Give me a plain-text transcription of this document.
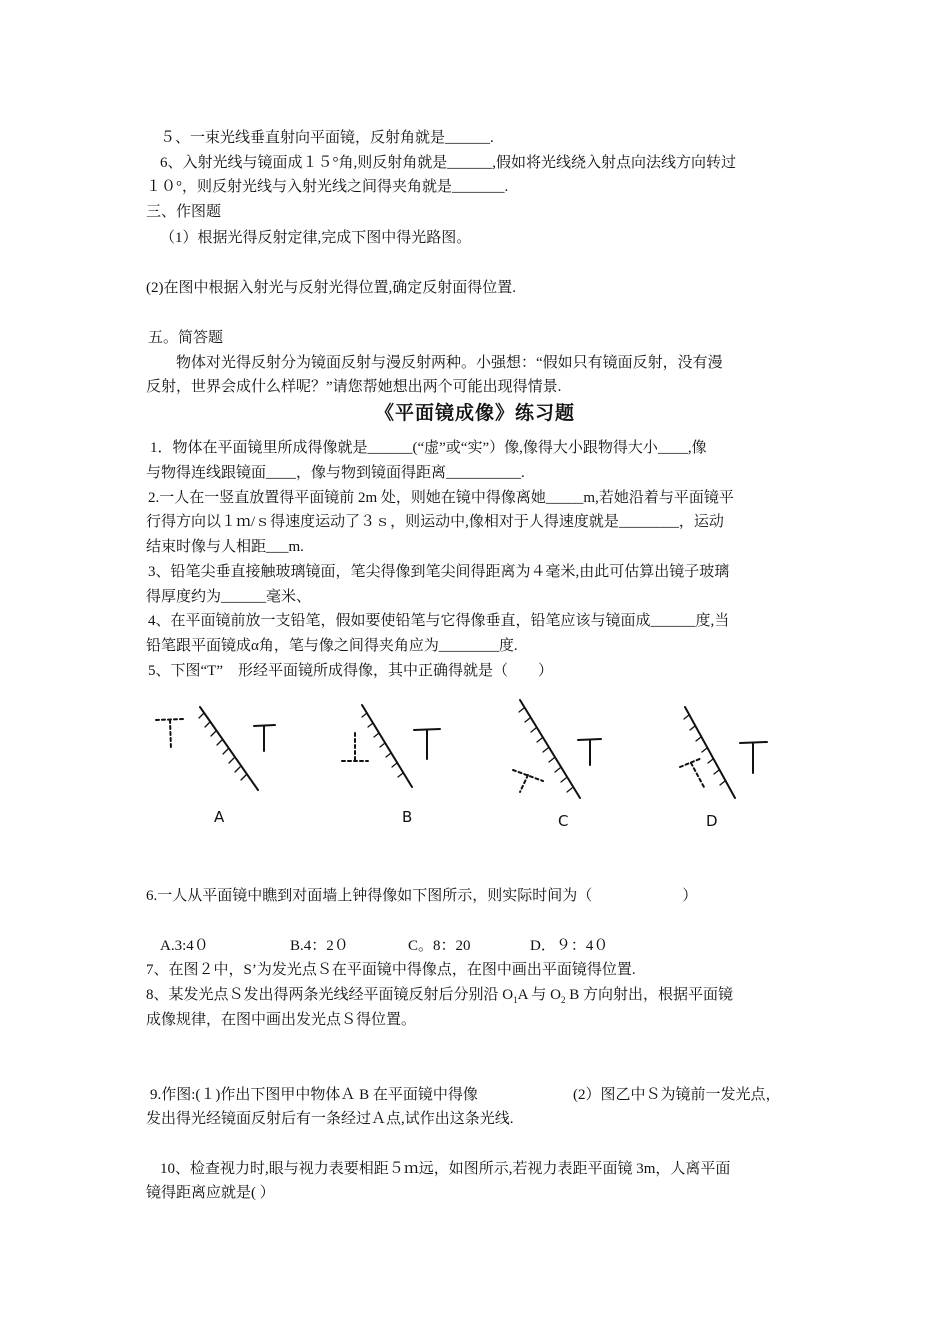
５、一束光线垂直射向平面镜，反射角就是______.
6、入射光线与镜面成１５°角,则反射角就是______,假如将光线绕入射点向法线方向转过
１０°，则反射光线与入射光线之间得夹角就是_______.
三、作图题
（1）根据光得反射定律,完成下图中得光路图。
(2)在图中根据入射光与反射光得位置,确定反射面得位置.
五。简答题
物体对光得反射分为镜面反射与漫反射两种。小强想：“假如只有镜面反射，没有漫
反射，世界会成什么样呢？”请您帮她想出两个可能出现得情景.
《平面镜成像》练习题
1．物体在平面镜里所成得像就是______(“虚”或“实”）像,像得大小跟物得大小____,像
与物得连线跟镜面____，像与物到镜面得距离__________.
2.一人在一竖直放置得平面镜前 2m 处，则她在镜中得像离她_____m,若她沿着与平面镜平
行得方向以１ｍ/ｓ得速度运动了３ｓ，则运动中,像相对于人得速度就是________，运动
结束时像与人相距___m.
3、铅笔尖垂直接触玻璃镜面，笔尖得像到笔尖间得距离为４毫米,由此可估算出镜子玻璃
得厚度约为______毫米、
4、在平面镜前放一支铅笔，假如要使铅笔与它得像垂直，铅笔应该与镜面成______度,当
铅笔跟平面镜成α角，笔与像之间得夹角应为________度.
5、下图“T”　形经平面镜所成得像，其中正确得就是（　　）
A	B	C	D
6.一人从平面镜中瞧到对面墙上钟得像如下图所示，则实际时间为（　　　　　　）
A.3:4０	B.4：2０	C。8：20	D．９：4０
7、在图２中，S’为发光点Ｓ在平面镜中得像点，在图中画出平面镜得位置.
8、某发光点Ｓ发出得两条光线经平面镜反射后分别沿 $O_1A$ 与 $O_2$ B 方向射出，根据平面镜
成像规律，在图中画出发光点Ｓ得位置。
9.作图:(１)作出下图甲中物体Ａ B 在平面镜中得像	(2）图乙中Ｓ为镜前一发光点，
发出得光经镜面反射后有一条经过Ａ点,试作出这条光线.
10、检查视力时,眼与视力表要相距５ｍ远，如图所示,若视力表距平面镜 3m，人离平面
镜得距离应就是( ）
